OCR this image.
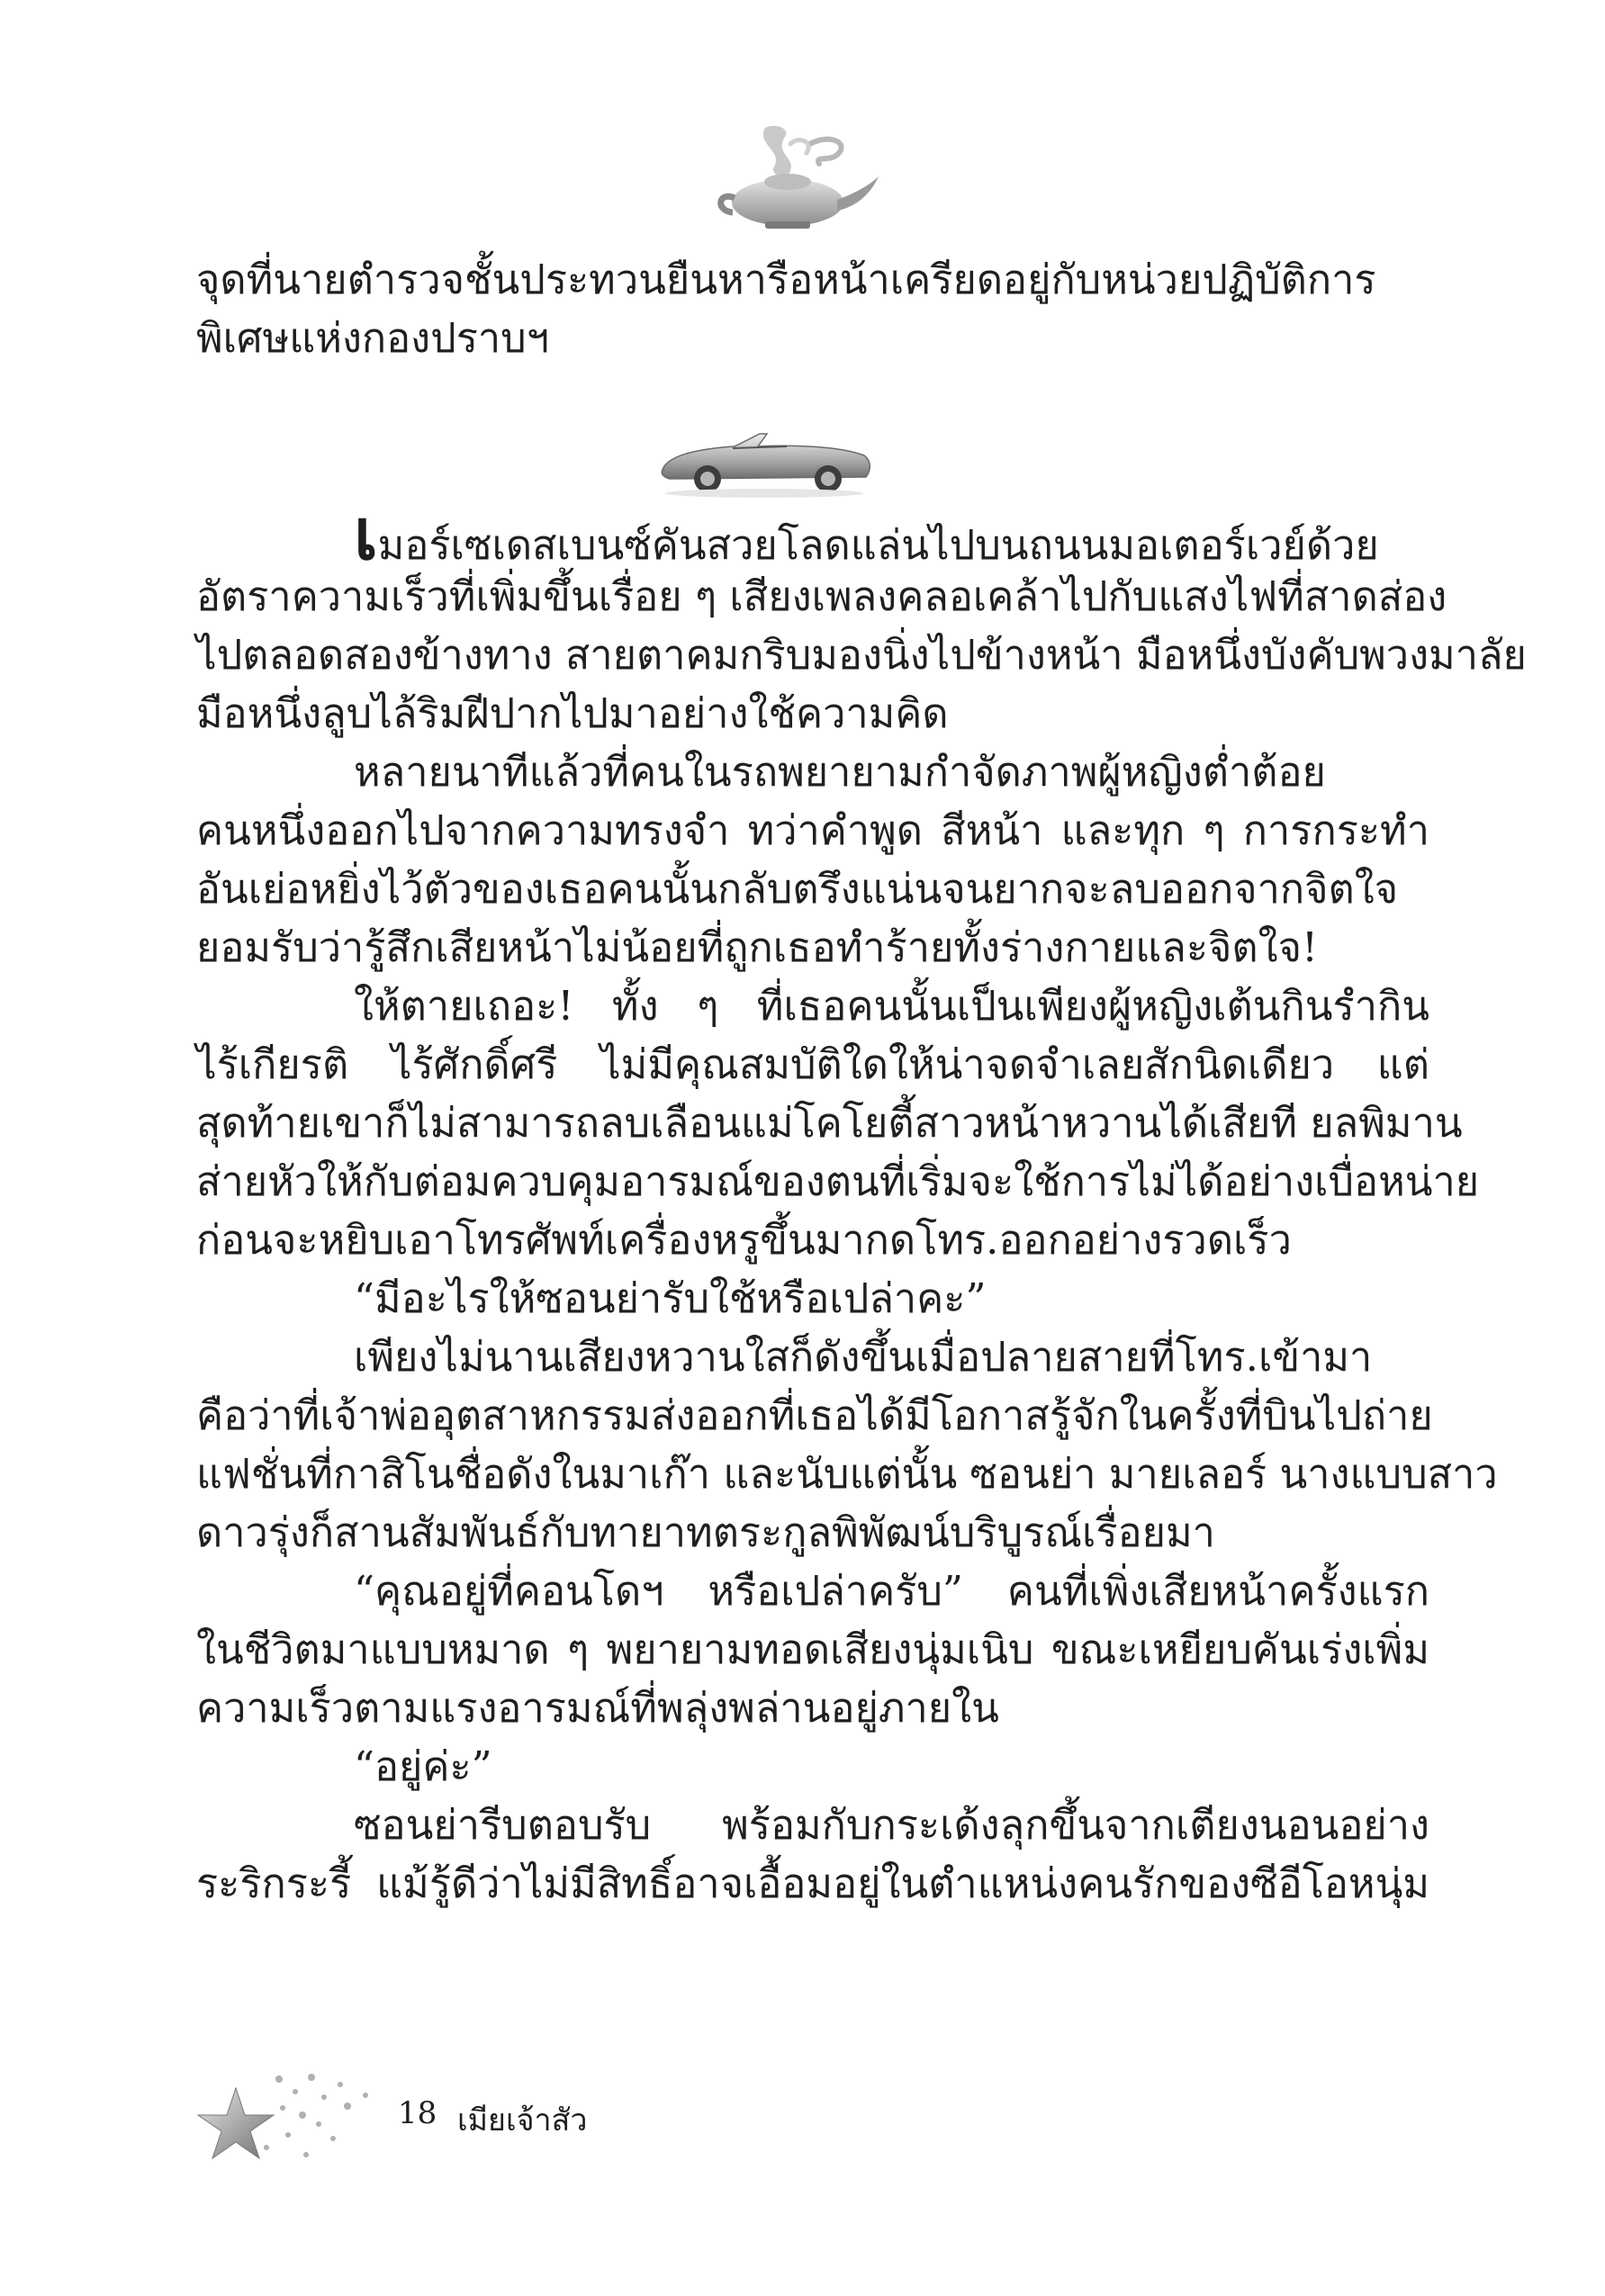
จุดที่นายตำรวจชั้นประทวนยืนหารือหน้าเครียดอยู่กับหน่วยปฏิบัติการ
พิเศษแห่งกองปราบฯ
เมอร์เซเดสเบนซ์คันสวยโลดแล่นไปบนถนนมอเตอร์เวย์ด้วย
อัตราความเร็วที่เพิ่มขึ้นเรื่อย ๆ เสียงเพลงคลอเคล้าไปกับแสงไฟที่สาดส่อง
ไปตลอดสองข้างทาง สายตาคมกริบมองนิ่งไปข้างหน้า มือหนึ่งบังคับพวงมาลัย
มือหนึ่งลูบไล้ริมฝีปากไปมาอย่างใช้ความคิด
หลายนาทีแล้วที่คนในรถพยายามกำจัดภาพผู้หญิงต่ำต้อย
คนหนึ่งออกไปจากความทรงจำ ทว่าคำพูด สีหน้า และทุก ๆ การกระทำ
อันเย่อหยิ่งไว้ตัวของเธอคนนั้นกลับตรึงแน่นจนยากจะลบออกจากจิตใจ
ยอมรับว่ารู้สึกเสียหน้าไม่น้อยที่ถูกเธอทำร้ายทั้งร่างกายและจิตใจ!
ให้ตายเถอะ! ทั้ง ๆ ที่เธอคนนั้นเป็นเพียงผู้หญิงเต้นกินรำกิน
ไร้เกียรติ ไร้ศักดิ์ศรี ไม่มีคุณสมบัติใดให้น่าจดจำเลยสักนิดเดียว แต่
สุดท้ายเขาก็ไม่สามารถลบเลือนแม่โคโยตี้สาวหน้าหวานได้เสียที ยลพิมาน
ส่ายหัวให้กับต่อมควบคุมอารมณ์ของตนที่เริ่มจะใช้การไม่ได้อย่างเบื่อหน่าย
ก่อนจะหยิบเอาโทรศัพท์เครื่องหรูขึ้นมากดโทร.ออกอย่างรวดเร็ว
“มีอะไรให้ซอนย่ารับใช้หรือเปล่าคะ”
เพียงไม่นานเสียงหวานใสก็ดังขึ้นเมื่อปลายสายที่โทร.เข้ามา
คือว่าที่เจ้าพ่ออุตสาหกรรมส่งออกที่เธอได้มีโอกาสรู้จักในครั้งที่บินไปถ่าย
แฟชั่นที่กาสิโนชื่อดังในมาเก๊า และนับแต่นั้น ซอนย่า มายเลอร์ นางแบบสาว
ดาวรุ่งก็สานสัมพันธ์กับทายาทตระกูลพิพัฒน์บริบูรณ์เรื่อยมา
“คุณอยู่ที่คอนโดฯ หรือเปล่าครับ” คนที่เพิ่งเสียหน้าครั้งแรก
ในชีวิตมาแบบหมาด ๆ พยายามทอดเสียงนุ่มเนิบ ขณะเหยียบคันเร่งเพิ่ม
ความเร็วตามแรงอารมณ์ที่พลุ่งพล่านอยู่ภายใน
“อยู่ค่ะ”
ซอนย่ารีบตอบรับ พร้อมกับกระเด้งลุกขึ้นจากเตียงนอนอย่าง
ระริกระรี้ แม้รู้ดีว่าไม่มีสิทธิ์อาจเอื้อมอยู่ในตำแหน่งคนรักของซีอีโอหนุ่ม
18 เมียเจ้าสัว
